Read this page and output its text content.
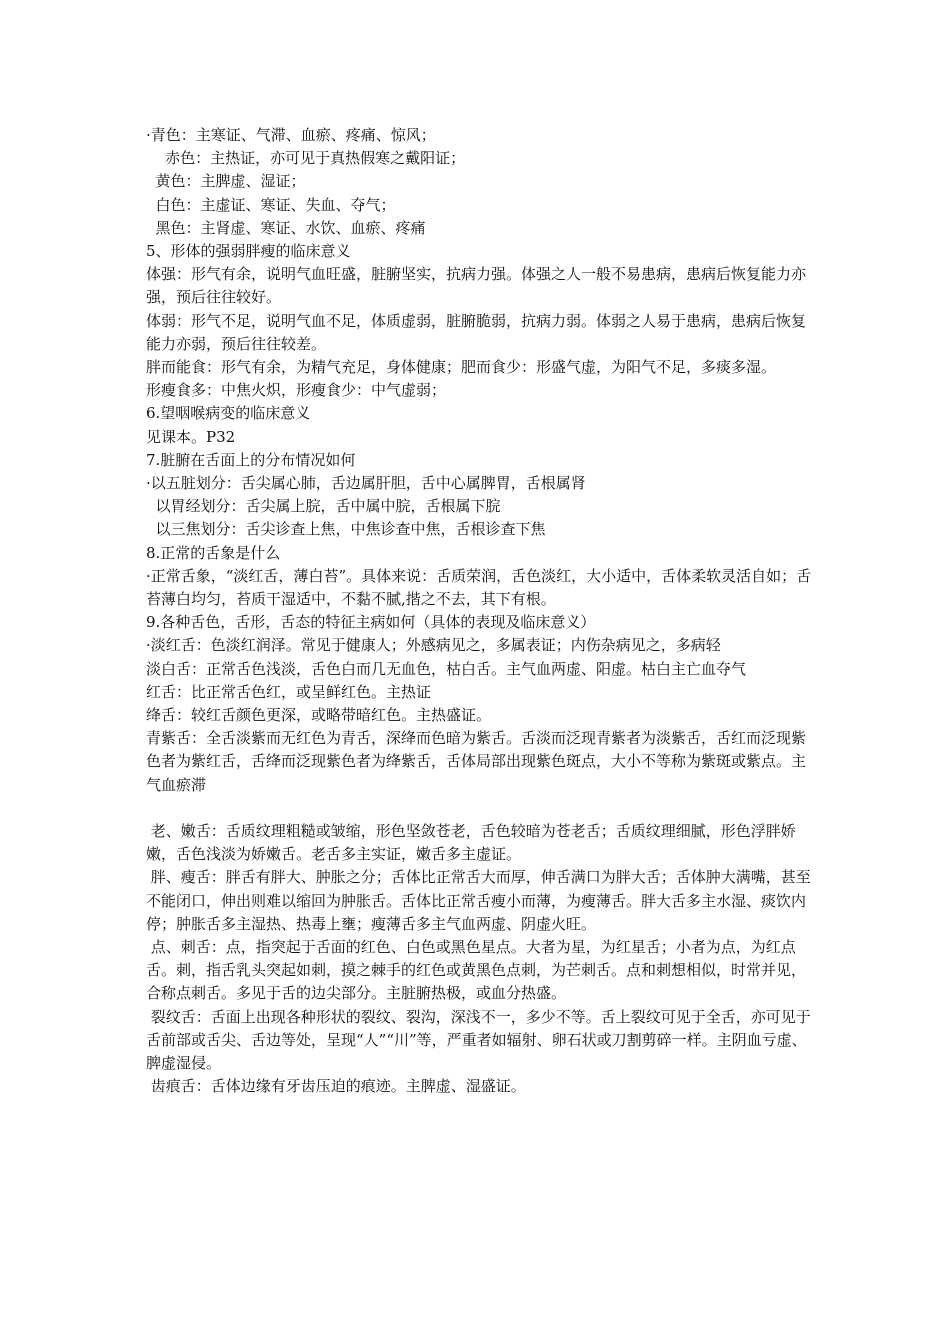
·青色：主寒证、气滞、血瘀、疼痛、惊风；

赤色：主热证，亦可见于真热假寒之戴阳证；

黄色：主脾虚、湿证；

白色：主虚证、寒证、失血、夺气；

黑色：主肾虚、寒证、水饮、血瘀、疼痛

5、形体的强弱胖瘦的临床意义

体强：形气有余，说明气血旺盛，脏腑坚实，抗病力强。体强之人一般不易患病，患病后恢复能力亦强，预后往往较好。

体弱：形气不足，说明气血不足，体质虚弱，脏腑脆弱，抗病力弱。体弱之人易于患病，患病后恢复能力亦弱，预后往往较差。

胖而能食：形气有余，为精气充足，身体健康；肥而食少：形盛气虚，为阳气不足，多痰多湿。                形瘦食多：中焦火炽，形瘦食少：中气虚弱；

6.望咽喉病变的临床意义

见课本。P32

7.脏腑在舌面上的分布情况如何

·以五脏划分：舌尖属心肺，舌边属肝胆，舌中心属脾胃，舌根属肾

以胃经划分：舌尖属上脘，舌中属中脘，舌根属下脘

以三焦划分：舌尖诊查上焦，中焦诊查中焦，舌根诊查下焦

8.正常的舌象是什么

·正常舌象，“淡红舌，薄白苔”。具体来说：舌质荣润，舌色淡红，大小适中，舌体柔软灵活自如；舌苔薄白均匀，苔质干湿适中，不黏不腻,揩之不去，其下有根。

9.各种舌色，舌形，舌态的特征主病如何（具体的表现及临床意义）

·淡红舌：色淡红润泽。常见于健康人；外感病见之，多属表证；内伤杂病见之，多病轻

淡白舌：正常舌色浅淡，舌色白而几无血色，枯白舌。主气血两虚、阳虚。枯白主亡血夺气

红舌：比正常舌色红，或呈鲜红色。主热证

绛舌：较红舌颜色更深，或略带暗红色。主热盛证。

青紫舌：全舌淡紫而无红色为青舌，深绛而色暗为紫舌。舌淡而泛现青紫者为淡紫舌，舌红而泛现紫色者为紫红舌，舌绛而泛现紫色者为绛紫舌，舌体局部出现紫色斑点，大小不等称为紫斑或紫点。主气血瘀滞

老、嫩舌：舌质纹理粗糙或皱缩，形色坚敛苍老，舌色较暗为苍老舌；舌质纹理细腻，形色浮胖娇嫩，舌色浅淡为娇嫩舌。老舌多主实证，嫩舌多主虚证。

胖、瘦舌：胖舌有胖大、肿胀之分；舌体比正常舌大而厚，伸舌满口为胖大舌；舌体肿大满嘴，甚至不能闭口，伸出则难以缩回为肿胀舌。舌体比正常舌瘦小而薄，为瘦薄舌。胖大舌多主水湿、痰饮内停；肿胀舌多主湿热、热毒上壅；瘦薄舌多主气血两虚、阴虚火旺。

点、刺舌：点，指突起于舌面的红色、白色或黑色星点。大者为星，为红星舌；小者为点，为红点舌。刺，指舌乳头突起如刺，摸之棘手的红色或黄黑色点刺，为芒刺舌。点和刺想相似，时常并见，合称点刺舌。多见于舌的边尖部分。主脏腑热极，或血分热盛。

裂纹舌：舌面上出现各种形状的裂纹、裂沟，深浅不一，多少不等。舌上裂纹可见于全舌，亦可见于舌前部或舌尖、舌边等处，呈现“人”“川”等，严重者如辐射、卵石状或刀割剪碎一样。主阴血亏虚、脾虚湿侵。

齿痕舌：舌体边缘有牙齿压迫的痕迹。主脾虚、湿盛证。
